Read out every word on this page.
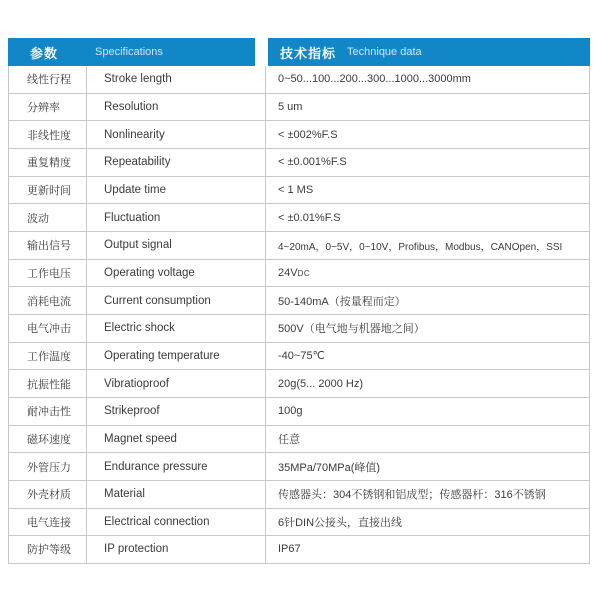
参数	Specifications	技术指标 Technique data
线性行程	Stroke length	0~50...100...200...300...1000...3000mm
分辨率	Resolution	5 um
非线性度	Nonlinearity	< ±002%F.S
重复精度	Repeatability	< ±0.001%F.S
更新时间	Update time	< 1 MS
波动	Fluctuation	< ±0.01%F.S
输出信号	Output signal	4~20mA，0~5V，0~10V，Profibus，Modbus，CANOpen，SSI
工作电压	Operating voltage	24V DC
消耗电流	Current consumption	50-140mA（按量程而定）
电气冲击	Electric shock	500V（电气地与机器地之间）
工作温度	Operating temperature	-40~75℃
抗振性能	Vibratioproof	20g(5... 2000 Hz)
耐冲击性	Strikeproof	100g
磁环速度	Magnet speed	任意
外管压力	Endurance pressure	35MPa/70MPa(峰值)
外壳材质	Material	传感器头：304不锈钢和铝成型；传感器杆：316不锈钢
电气连接	Electrical connection	6针DIN公接头，直接出线
防护等级	IP protection	IP67
